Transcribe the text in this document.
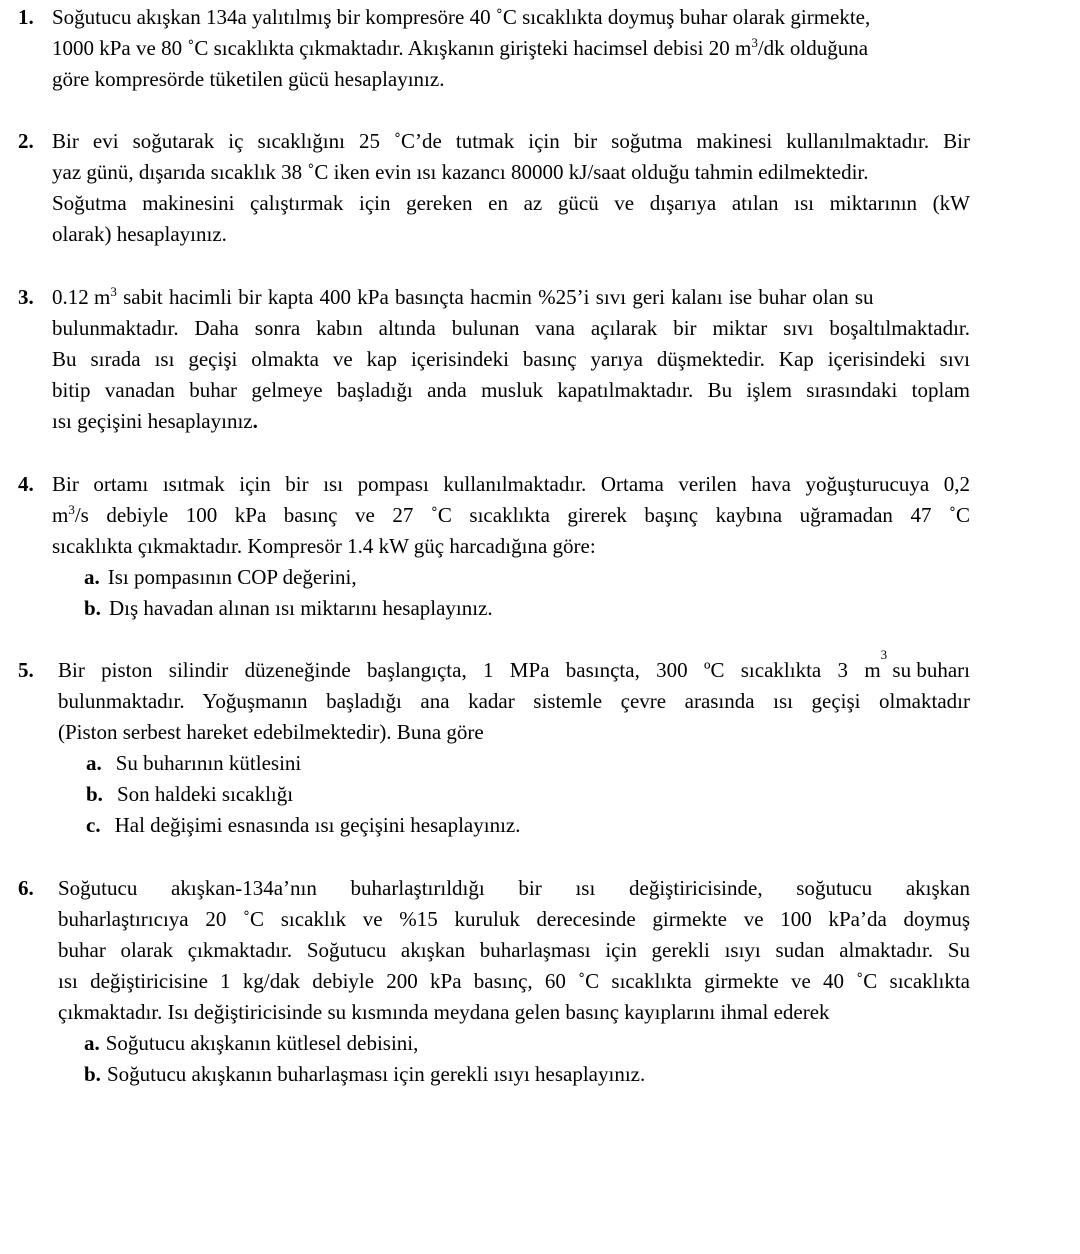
1. Soğutucu akışkan 134a yalıtılmış bir kompresöre 40 ˚C sıcaklıkta doymuş buhar olarak girmekte,
1000 kPa ve 80 ˚C sıcaklıkta çıkmaktadır. Akışkanın girişteki hacimsel debisi 20 $m^3/dk$ olduğuna
göre kompresörde tüketilen gücü hesaplayınız.
2. Bir evi soğutarak iç sıcaklığını 25 ˚C’de tutmak için bir soğutma makinesi kullanılmaktadır. Bir
yaz günü, dışarıda sıcaklık 38 ˚C iken evin ısı kazancı 80000 kJ/saat olduğu tahmin edilmektedir.
Soğutma makinesini çalıştırmak için gereken en az gücü ve dışarıya atılan ısı miktarının (kW
olarak) hesaplayınız.
3. 0.12 $m^3$ sabit hacimli bir kapta 400 kPa basınçta hacmin %25’i sıvı geri kalanı ise buhar olan su
bulunmaktadır. Daha sonra kabın altında bulunan vana açılarak bir miktar sıvı boşaltılmaktadır.
Bu sırada ısı geçişi olmakta ve kap içerisindeki basınç yarıya düşmektedir. Kap içerisindeki sıvı
bitip vanadan buhar gelmeye başladığı anda musluk kapatılmaktadır. Bu işlem sırasındaki toplam
ısı geçişini hesaplayınız.
4. Bir ortamı ısıtmak için bir ısı pompası kullanılmaktadır. Ortama verilen hava yoğuşturucuya 0,2
$m^3$ /s debiyle 100 kPa basınç ve 27 ˚C sıcaklıkta girerek başınç kaybına uğramadan 47 ˚C
sıcaklıkta çıkmaktadır. Kompresör 1.4 kW güç harcadığına göre:
a. Isı pompasının COP değerini,
b. Dış havadan alınan ısı miktarını hesaplayınız.
5. Bir piston silindir düzeneğinde başlangıçta, 1 MPa basınçta, 300 ºC sıcaklıkta 3 m
3
su buharı
bulunmaktadır. Yoğuşmanın başladığı ana kadar sistemle çevre arasında ısı geçişi olmaktadır
(Piston serbest hareket edebilmektedir). Buna göre
a. Su buharının kütlesini
b. Son haldeki sıcaklığı
c. Hal değişimi esnasında ısı geçişini hesaplayınız.
6. Soğutucu akışkan-134a’nın buharlaştırıldığı bir ısı değiştiricisinde, soğutucu akışkan
buharlaştırıcıya 20 ˚C sıcaklık ve %15 kuruluk derecesinde girmekte ve 100 kPa’da doymuş
buhar olarak çıkmaktadır. Soğutucu akışkan buharlaşması için gerekli ısıyı sudan almaktadır. Su
ısı değiştiricisine 1 kg/dak debiyle 200 kPa basınç, 60 ˚C sıcaklıkta girmekte ve 40 ˚C sıcaklıkta
çıkmaktadır. Isı değiştiricisinde su kısmında meydana gelen basınç kayıplarını ihmal ederek
a. Soğutucu akışkanın kütlesel debisini,
b. Soğutucu akışkanın buharlaşması için gerekli ısıyı hesaplayınız.
